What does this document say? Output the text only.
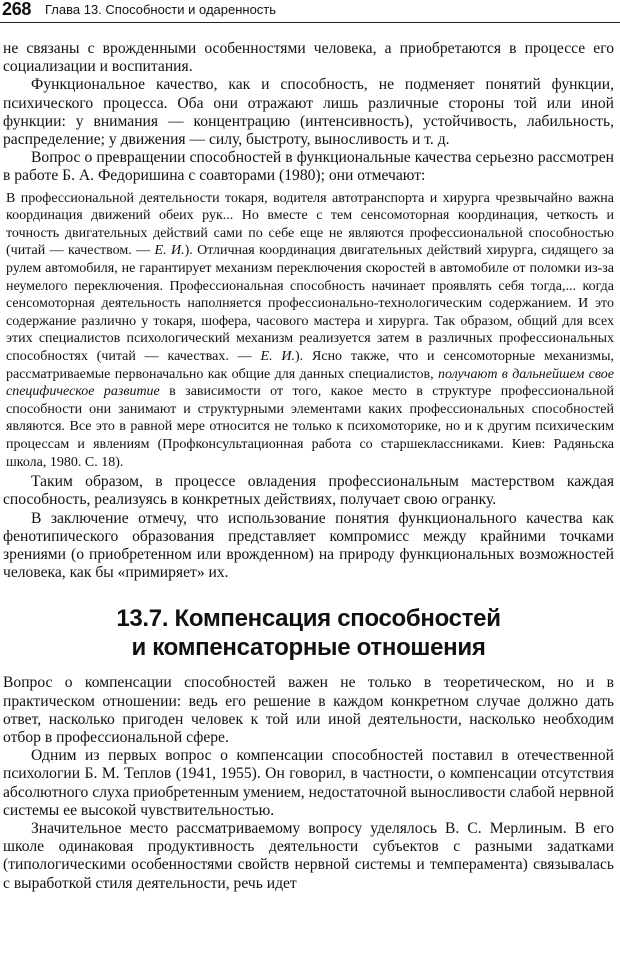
268 Глава 13. Способности и одаренность

не связаны с врожденными особенностями человека, а приобретаются в процессе его социализации и воспитания.

Функциональное качество, как и способность, не подменяет понятий функции, психического процесса. Оба они отражают лишь различные стороны той или иной функции: у внимания — концентрацию (интенсивность), устойчивость, лабильность, распределение; у движения — силу, быстроту, выносливость и т. д.

Вопрос о превращении способностей в функциональные качества серьезно рассмотрен в работе Б. А. Федоришина с соавторами (1980); они отмечают:

В профессиональной деятельности токаря, водителя автотранспорта и хирурга чрезвычайно важна координация движений обеих рук... Но вместе с тем сенсомоторная координация, четкость и точность двигательных действий сами по себе еще не являются профессиональной способностью (читай — качеством. — Е. И.). Отличная координация двигательных действий хирурга, сидящего за рулем автомобиля, не гарантирует механизм переключения скоростей в автомобиле от поломки из-за неумелого переключения. Профессиональная способность начинает проявлять себя тогда,... когда сенсомоторная деятельность наполняется профессионально-технологическим содержанием. И это содержание различно у токаря, шофера, часового мастера и хирурга. Так образом, общий для всех этих специалистов психологический механизм реализуется затем в различных профессиональных способностях (читай — качествах. — Е. И.). Ясно также, что и сенсомоторные механизмы, рассматриваемые первоначально как общие для данных специалистов, получают в дальнейшем свое специфическое развитие в зависимости от того, какое место в структуре профессиональной способности они занимают и структурными элементами каких профессиональных способностей являются. Все это в равной мере относится не только к психомоторике, но и к другим психическим процессам и явлениям (Профконсультационная работа со старшеклассниками. Киев: Радяньска школа, 1980. С. 18).

Таким образом, в процессе овладения профессиональным мастерством каждая способность, реализуясь в конкретных действиях, получает свою огранку.

В заключение отмечу, что использование понятия функционального качества как фенотипического образования представляет компромисс между крайними точками зрениями (о приобретенном или врожденном) на природу функциональных возможностей человека, как бы «примиряет» их.

13.7. Компенсация способностей
и компенсаторные отношения

Вопрос о компенсации способностей важен не только в теоретическом, но и в практическом отношении: ведь его решение в каждом конкретном случае должно дать ответ, насколько пригоден человек к той или иной деятельности, насколько необходим отбор в профессиональной сфере.

Одним из первых вопрос о компенсации способностей поставил в отечественной психологии Б. М. Теплов (1941, 1955). Он говорил, в частности, о компенсации отсутствия абсолютного слуха приобретенным умением, недостаточной выносливости слабой нервной системы ее высокой чувствительностью.

Значительное место рассматриваемому вопросу уделялось В. С. Мерлиным. В его школе одинаковая продуктивность деятельности субъектов с разными задатками (типологическими особенностями свойств нервной системы и темперамента) связывалась с выработкой стиля деятельности, речь идет
